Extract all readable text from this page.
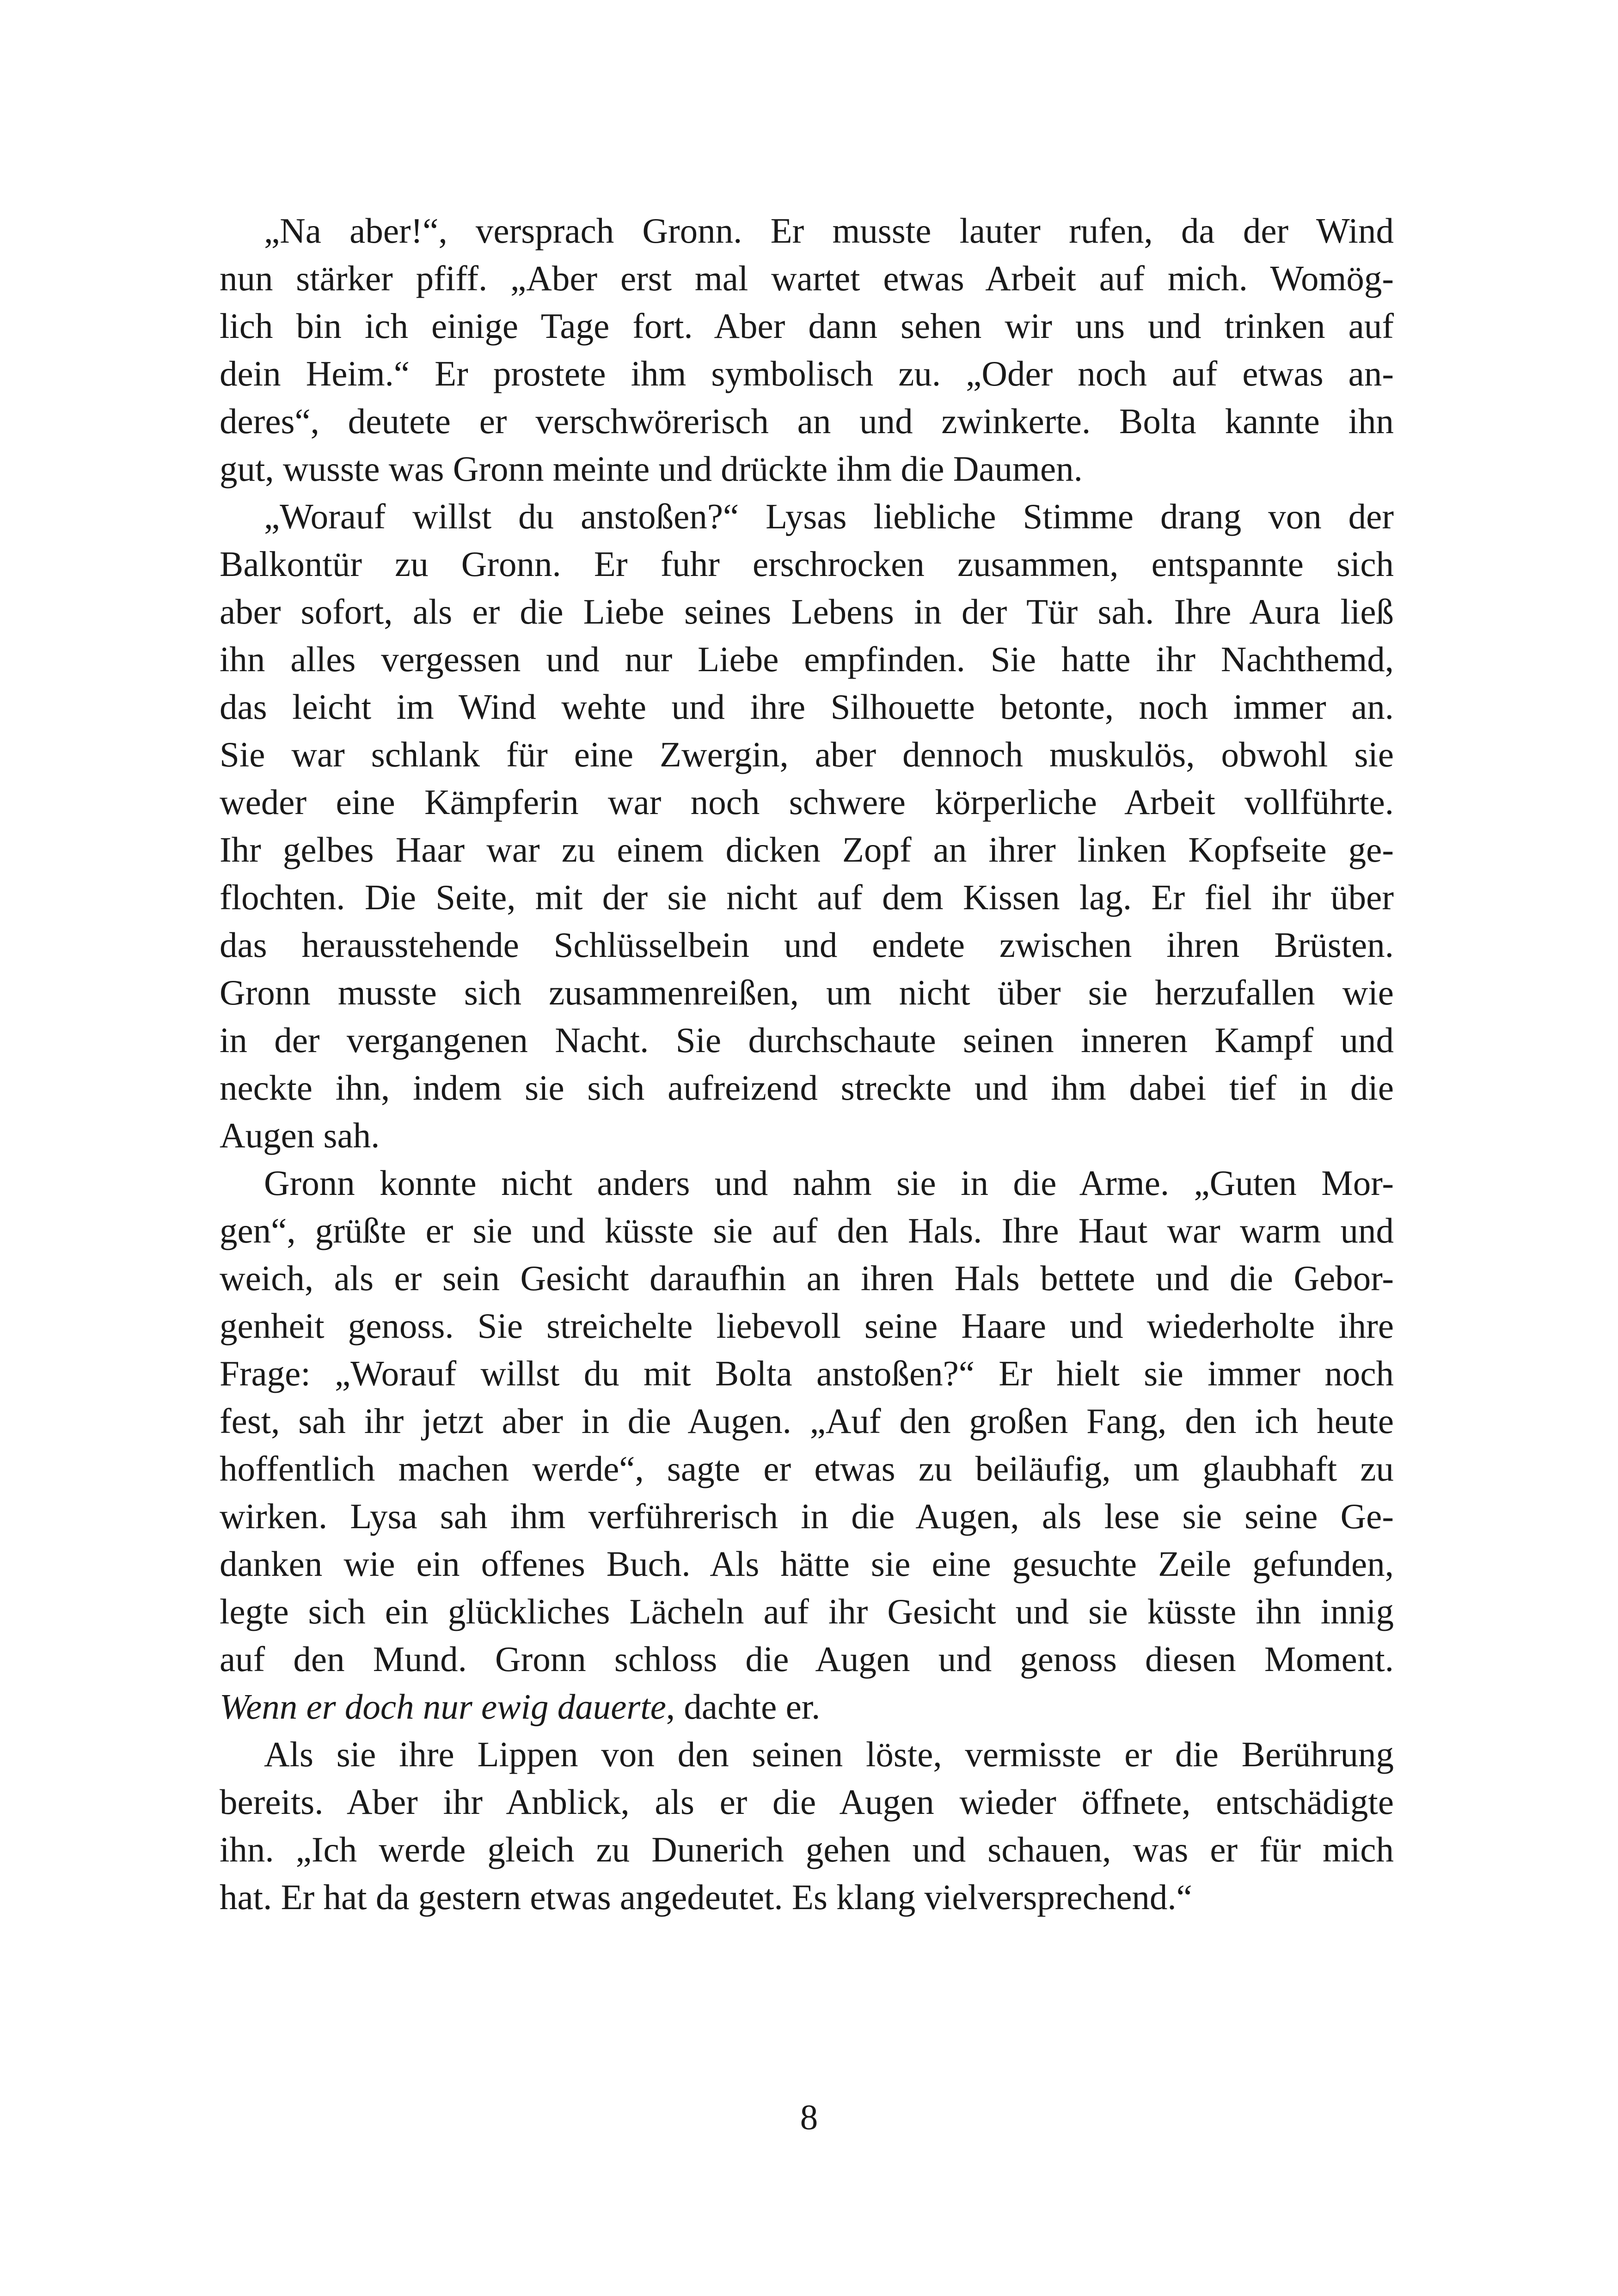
„Na aber!“, versprach Gronn. Er musste lauter rufen, da der Wind
nun stärker pfiff. „Aber erst mal wartet etwas Arbeit auf mich. Womög-
lich bin ich einige Tage fort. Aber dann sehen wir uns und trinken auf
dein Heim.“ Er prostete ihm symbolisch zu. „Oder noch auf etwas an-
deres“, deutete er verschwörerisch an und zwinkerte. Bolta kannte ihn
gut, wusste was Gronn meinte und drückte ihm die Daumen.

„Worauf willst du anstoßen?“ Lysas liebliche Stimme drang von der
Balkontür zu Gronn. Er fuhr erschrocken zusammen, entspannte sich
aber sofort, als er die Liebe seines Lebens in der Tür sah. Ihre Aura ließ
ihn alles vergessen und nur Liebe empfinden. Sie hatte ihr Nachthemd,
das leicht im Wind wehte und ihre Silhouette betonte, noch immer an.
Sie war schlank für eine Zwergin, aber dennoch muskulös, obwohl sie
weder eine Kämpferin war noch schwere körperliche Arbeit vollführte.
Ihr gelbes Haar war zu einem dicken Zopf an ihrer linken Kopfseite ge-
flochten. Die Seite, mit der sie nicht auf dem Kissen lag. Er fiel ihr über
das herausstehende Schlüsselbein und endete zwischen ihren Brüsten.
Gronn musste sich zusammenreißen, um nicht über sie herzufallen wie
in der vergangenen Nacht. Sie durchschaute seinen inneren Kampf und
neckte ihn, indem sie sich aufreizend streckte und ihm dabei tief in die
Augen sah.

Gronn konnte nicht anders und nahm sie in die Arme. „Guten Mor-
gen“, grüßte er sie und küsste sie auf den Hals. Ihre Haut war warm und
weich, als er sein Gesicht daraufhin an ihren Hals bettete und die Gebor-
genheit genoss. Sie streichelte liebevoll seine Haare und wiederholte ihre
Frage: „Worauf willst du mit Bolta anstoßen?“ Er hielt sie immer noch
fest, sah ihr jetzt aber in die Augen. „Auf den großen Fang, den ich heute
hoffentlich machen werde“, sagte er etwas zu beiläufig, um glaubhaft zu
wirken. Lysa sah ihm verführerisch in die Augen, als lese sie seine Ge-
danken wie ein offenes Buch. Als hätte sie eine gesuchte Zeile gefunden,
legte sich ein glückliches Lächeln auf ihr Gesicht und sie küsste ihn innig
auf den Mund. Gronn schloss die Augen und genoss diesen Moment.
Wenn er doch nur ewig dauerte, dachte er.

Als sie ihre Lippen von den seinen löste, vermisste er die Berührung
bereits. Aber ihr Anblick, als er die Augen wieder öffnete, entschädigte
ihn. „Ich werde gleich zu Dunerich gehen und schauen, was er für mich
hat. Er hat da gestern etwas angedeutet. Es klang vielversprechend.“

8
